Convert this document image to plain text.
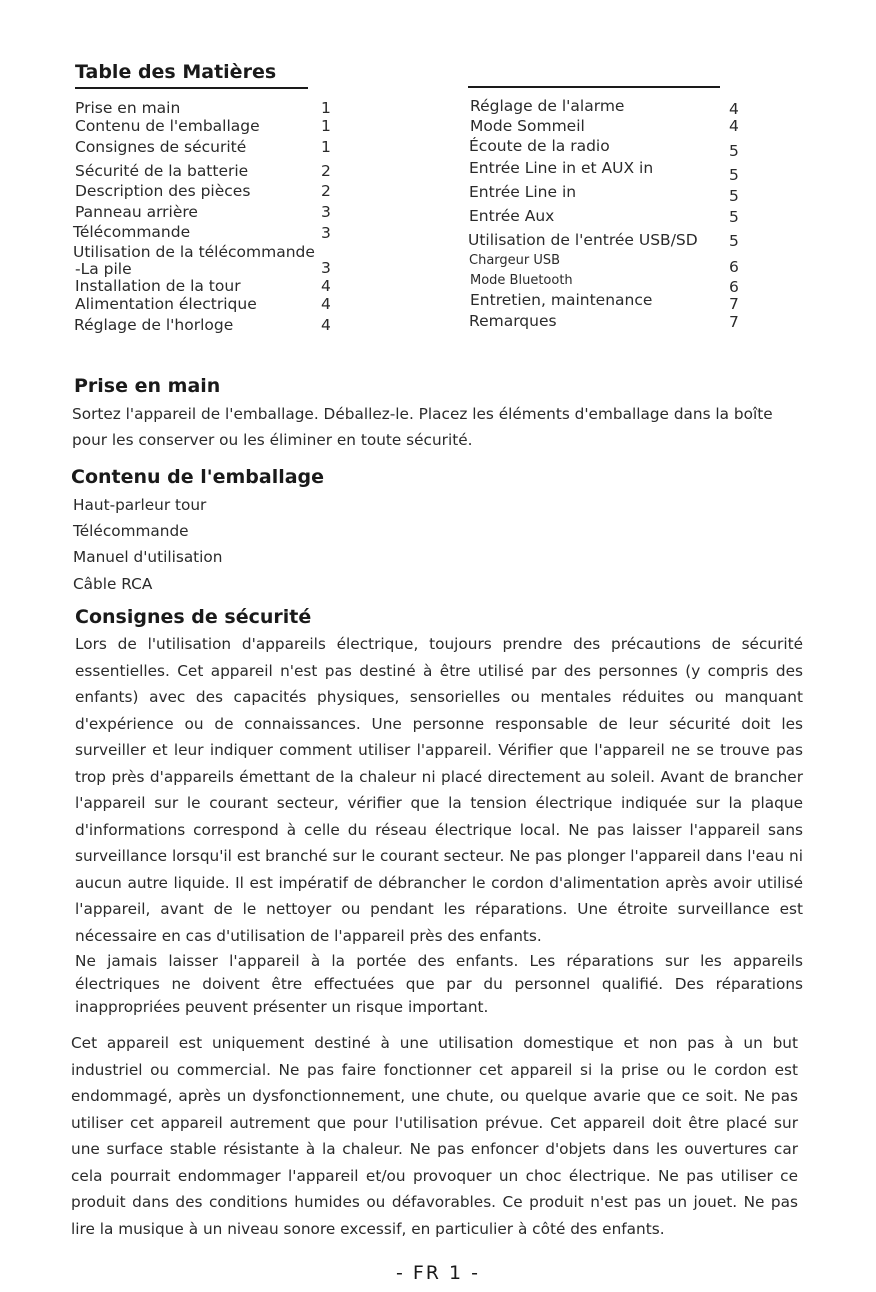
Table des Matières
Prise en main	1
Contenu de l'emballage	1
Consignes de sécurité	1
Sécurité de la batterie	2
Description des pièces	2
Panneau arrière	3
Télécommande	3
Utilisation de la télécommande
-La pile	3
Installation de la tour	4
Alimentation électrique	4
Réglage de l'horloge	4
Réglage de l'alarme	4
Mode Sommeil	4
Écoute de la radio	5
Entrée Line in et AUX in	5
Entrée Line in	5
Entrée Aux	5
Utilisation de l'entrée USB/SD 5
Chargeur USB	6
Mode Bluetooth	6
Entretien, maintenance	7
Remarques	7
Prise en main
Sortez l'appareil de l'emballage. Déballez-le. Placez les éléments d'emballage dans la boîte
pour les conserver ou les éliminer en toute sécurité.
Contenu de l'emballage
Haut-parleur tour
Télécommande
Manuel d'utilisation
Câble RCA
Consignes de sécurité
Lors de l'utilisation d'appareils électrique, toujours prendre des précautions de sécurité essentielles. Cet appareil n'est pas destiné à être utilisé par des personnes (y compris des enfants) avec des capacités physiques, sensorielles ou mentales réduites ou manquant d'expérience ou de connaissances. Une personne responsable de leur sécurité doit les surveiller et leur indiquer comment utiliser l'appareil. Vérifier que l'appareil ne se trouve pas trop près d'appareils émettant de la chaleur ni placé directement au soleil. Avant de brancher l'appareil sur le courant secteur, vérifier que la tension électrique indiquée sur la plaque d'informations correspond à celle du réseau électrique local. Ne pas laisser l'appareil sans surveillance lorsqu'il est branché sur le courant secteur. Ne pas plonger l'appareil dans l'eau ni aucun autre liquide. Il est impératif de débrancher le cordon d'alimentation après avoir utilisé l'appareil, avant de le nettoyer ou pendant les réparations. Une étroite surveillance est nécessaire en cas d'utilisation de l'appareil près des enfants.
Ne jamais laisser l'appareil à la portée des enfants. Les réparations sur les appareils électriques ne doivent être effectuées que par du personnel qualifié. Des réparations inappropriées peuvent présenter un risque important.
Cet appareil est uniquement destiné à une utilisation domestique et non pas à un but industriel ou commercial. Ne pas faire fonctionner cet appareil si la prise ou le cordon est endommagé, après un dysfonctionnement, une chute, ou quelque avarie que ce soit. Ne pas utiliser cet appareil autrement que pour l'utilisation prévue. Cet appareil doit être placé sur une surface stable résistante à la chaleur. Ne pas enfoncer d'objets dans les ouvertures car cela pourrait endommager l'appareil et/ou provoquer un choc électrique. Ne pas utiliser ce produit dans des conditions humides ou défavorables. Ce produit n'est pas un jouet. Ne pas lire la musique à un niveau sonore excessif, en particulier à côté des enfants.
- FR 1 -
